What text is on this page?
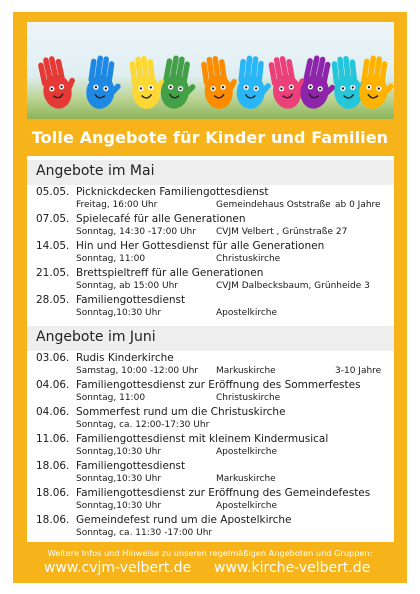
Tolle Angebote für Kinder und Familien
Angebote im Mai
05.05. Picknickdecken Familiengottesdienst
Freitag, 16:00 Uhr	Gemeindehaus Oststraße ab 0 Jahre
07.05. Spielecafé für alle Generationen
Sonntag, 14:30 -17:00 Uhr CVJM Velbert , Grünstraße 27
14.05. Hin und Her Gottesdienst für alle Generationen
Sonntag, 11:00	Christuskirche
21.05. Brettspieltreff für alle Generationen
Sonntag, ab 15:00 Uhr	CVJM Dalbecksbaum, Grünheide 3
28.05. Familiengottesdienst
Sonntag,10:30 Uhr	Apostelkirche
Angebote im Juni
03.06. Rudis Kinderkirche
Samstag, 10:00 -12:00 Uhr Markuskirche	3-10 Jahre
04.06. Familiengottesdienst zur Eröffnung des Sommerfestes
Sonntag, 11:00	Christuskirche
04.06. Sommerfest rund um die Christuskirche
Sonntag, ca. 12:00-17:30 Uhr
11.06. Familiengottesdienst mit kleinem Kindermusical
Sonntag,10:30 Uhr	Apostelkirche
18.06. Familiengottesdienst
Sonntag,10:30 Uhr	Markuskirche
18.06. Familiengottesdienst zur Eröffnung des Gemeindefestes
Sonntag,10:30 Uhr	Apostelkirche
18.06. Gemeindefest rund um die Apostelkirche
Sonntag, ca. 11:30 -17:00 Uhr
Weitere Infos und Hinweise zu unseren regelmäßigen Angeboten und Gruppen:
www.cvjm-velbert.de www.kirche-velbert.de
